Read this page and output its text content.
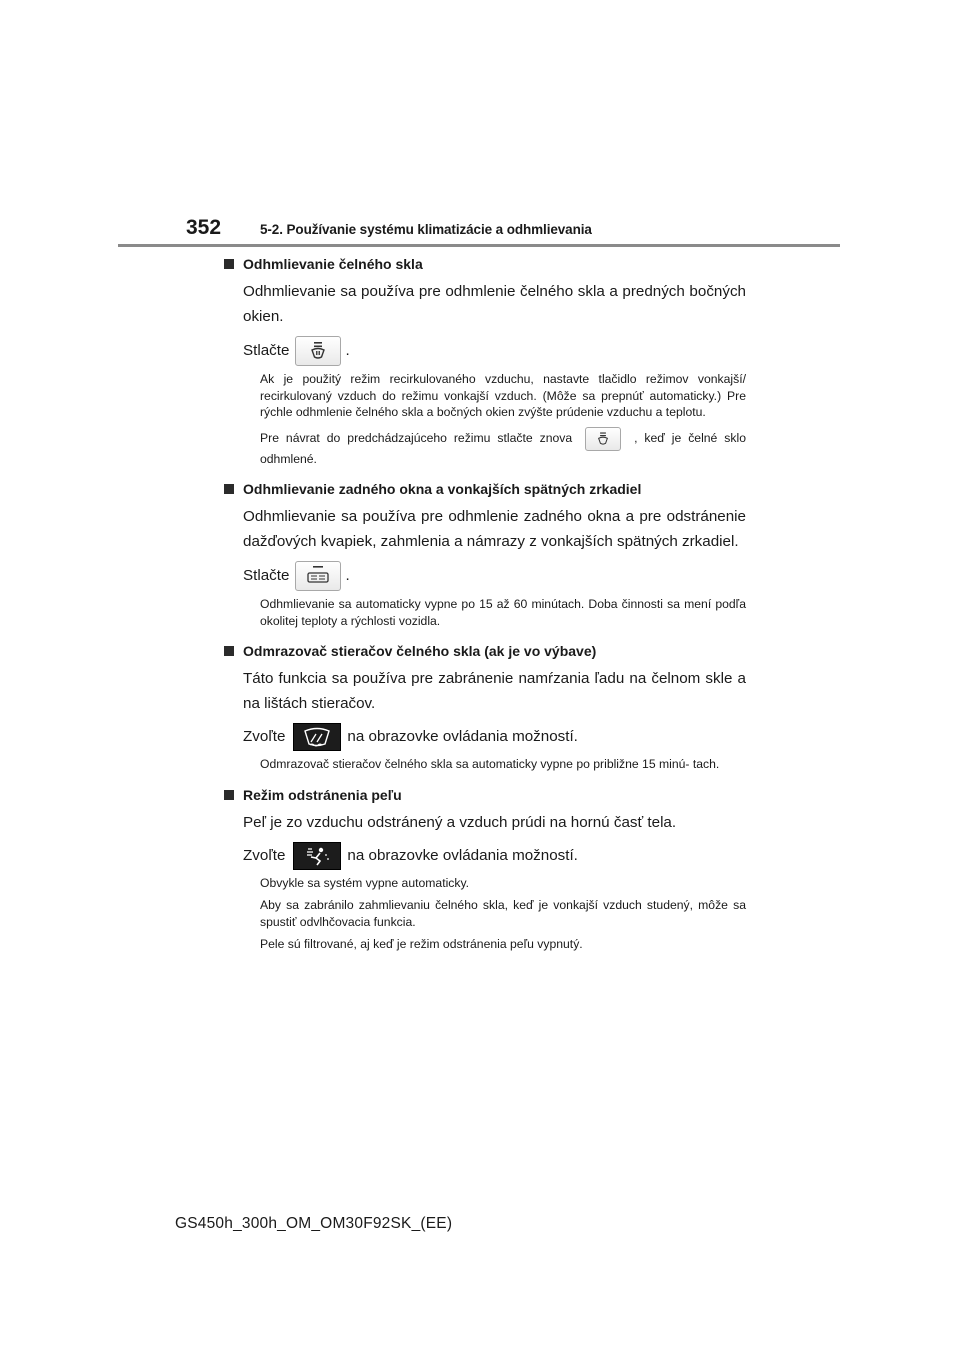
352	5-2. Používanie systému klimatizácie a odhmlievania
Odhmlievanie čelného skla
Odhmlievanie sa používa pre odhmlenie čelného skla a predných bočných okien.
Stlačte	.
Ak je použitý režim recirkulovaného vzduchu, nastavte tlačidlo režimov vonkajší/ recirkulovaný vzduch do režimu vonkajší vzduch. (Môže sa prepnúť automaticky.) Pre rýchle odhmlenie čelného skla a bočných okien zvýšte prúdenie vzduchu a teplotu.
Pre návrat do predchádzajúceho režimu stlačte znova	, keď je čelné sklo odhmlené.
Odhmlievanie zadného okna a vonkajších spätných zrkadiel
Odhmlievanie sa používa pre odhmlenie zadného okna a pre odstránenie dažďových kvapiek, zahmlenia a námrazy z vonkajších spätných zrkadiel.
Stlačte	.
Odhmlievanie sa automaticky vypne po 15 až 60 minútach. Doba činnosti sa mení podľa okolitej teploty a rýchlosti vozidla.
Odmrazovač stieračov čelného skla (ak je vo výbave)
Táto funkcia sa používa pre zabránenie namŕzania ľadu na čelnom skle a na lištách stieračov.
Zvoľte	na obrazovke ovládania možností.
Odmrazovač stieračov čelného skla sa automaticky vypne po približne 15 minú- tach.
Režim odstránenia peľu
Peľ je zo vzduchu odstránený a vzduch prúdi na hornú časť tela.
Zvoľte	na obrazovke ovládania možností.
Obvykle sa systém vypne automaticky.
Aby sa zabránilo zahmlievaniu čelného skla, keď je vonkajší vzduch studený, môže sa spustiť odvlhčovacia funkcia.
Pele sú filtrované, aj keď je režim odstránenia peľu vypnutý.
GS450h_300h_OM_OM30F92SK_(EE)
